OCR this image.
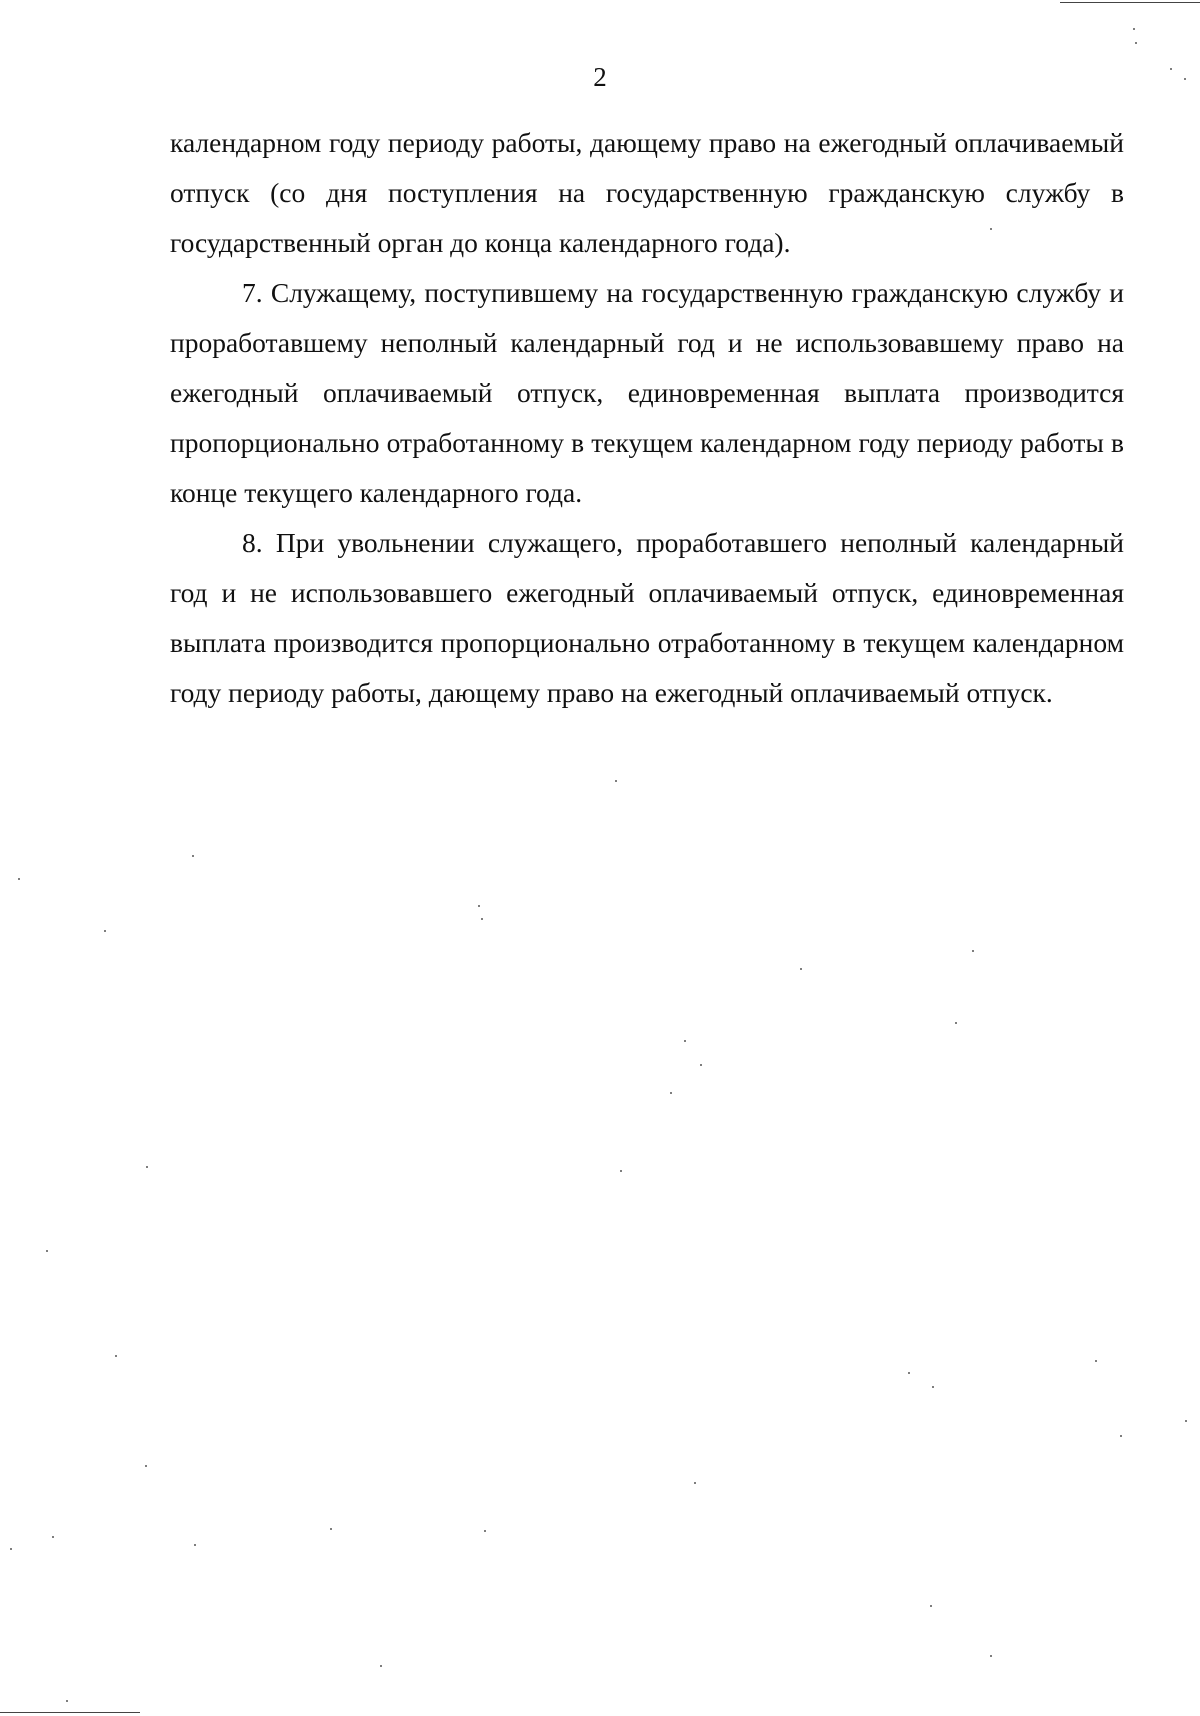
2

календарном году периоду работы, дающему право на ежегодный оплачиваемый отпуск (со дня поступления на государственную гражданскую службу в государственный орган до конца календарного года).

7. Служащему, поступившему на государственную гражданскую службу и проработавшему неполный календарный год и не использовавшему право на ежегодный оплачиваемый отпуск, единовременная выплата производится пропорционально отработанному в текущем календарном году периоду работы в конце текущего календарного года.

8. При увольнении служащего, проработавшего неполный календарный год и не использовавшего ежегодный оплачиваемый отпуск, единовременная выплата производится пропорционально отработанному в текущем календарном году периоду работы, дающему право на ежегодный оплачиваемый отпуск.
